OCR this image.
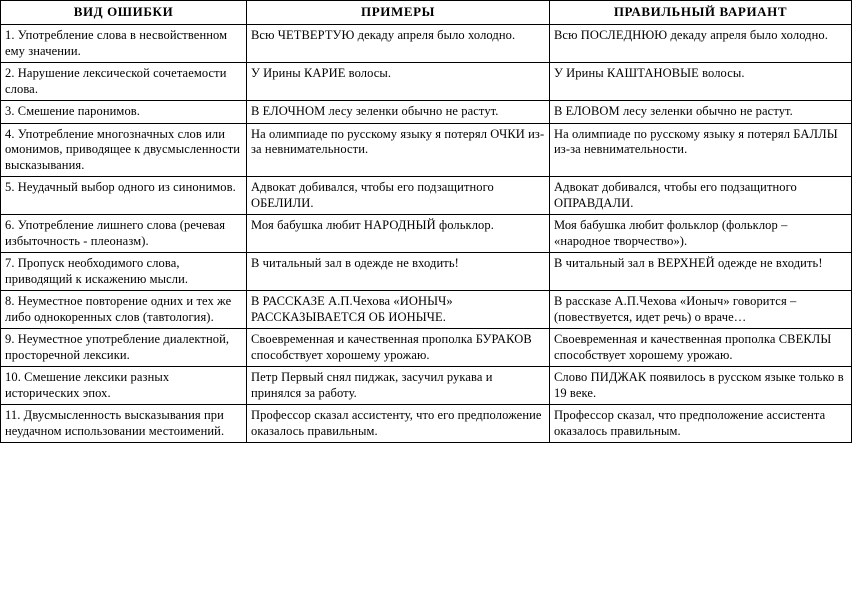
ВИД ОШИБКИ	ПРИМЕРЫ	ПРАВИЛЬНЫЙ ВАРИАНТ
1. Употребление слова в несвойственном ему значении.	Всю ЧЕТВЕРТУЮ декаду апреля было холодно.	Всю ПОСЛЕДНЮЮ декаду апреля было холодно.
2. Нарушение лексической сочетаемости слова.	У Ирины КАРИЕ волосы.	У Ирины КАШТАНОВЫЕ волосы.
3. Смешение паронимов.	В ЕЛОЧНОМ лесу зеленки обычно не растут.	В ЕЛОВОМ лесу зеленки обычно не растут.
4. Употребление многозначных слов или омонимов, приводящее к двусмысленности высказывания.	На олимпиаде по русскому языку я потерял ОЧКИ из-за невнимательности.	На олимпиаде по русскому языку я потерял БАЛЛЫ из-за невнимательности.
5. Неудачный выбор одного из синонимов.	Адвокат добивался, чтобы его подзащитного ОБЕЛИЛИ.	Адвокат добивался, чтобы его подзащитного ОПРАВДАЛИ.
6. Употребление лишнего слова (речевая избыточность - плеоназм).	Моя бабушка любит НАРОДНЫЙ фольклор.	Моя бабушка любит фольклор (фольклор – «народное творчество»).
7. Пропуск необходимого слова, приводящий к искажению мысли.	В читальный зал в одежде не входить!	В читальный зал в ВЕРХНЕЙ одежде не входить!
8. Неуместное повторение одних и тех же либо однокоренных слов (тавтология).	В РАССКАЗЕ А.П.Чехова «ИОНЫЧ» РАССКАЗЫВАЕТСЯ ОБ ИОНЫЧЕ.	В рассказе А.П.Чехова «Ионыч» говорится – (повествуется, идет речь) о враче…
9. Неуместное употребление диалектной, просторечной лексики.	Своевременная и качественная прополка БУРАКОВ способствует хорошему урожаю.	Своевременная и качественная прополка СВЕКЛЫ способствует хорошему урожаю.
10. Смешение лексики разных исторических эпох.	Петр Первый снял пиджак, засучил рукава и принялся за работу.	Слово ПИДЖАК появилось в русском языке только в 19 веке.
11. Двусмысленность высказывания при неудачном использовании местоимений.	Профессор сказал ассистенту, что его предположение оказалось правильным.	Профессор сказал, что предположение ассистента оказалось правильным.
